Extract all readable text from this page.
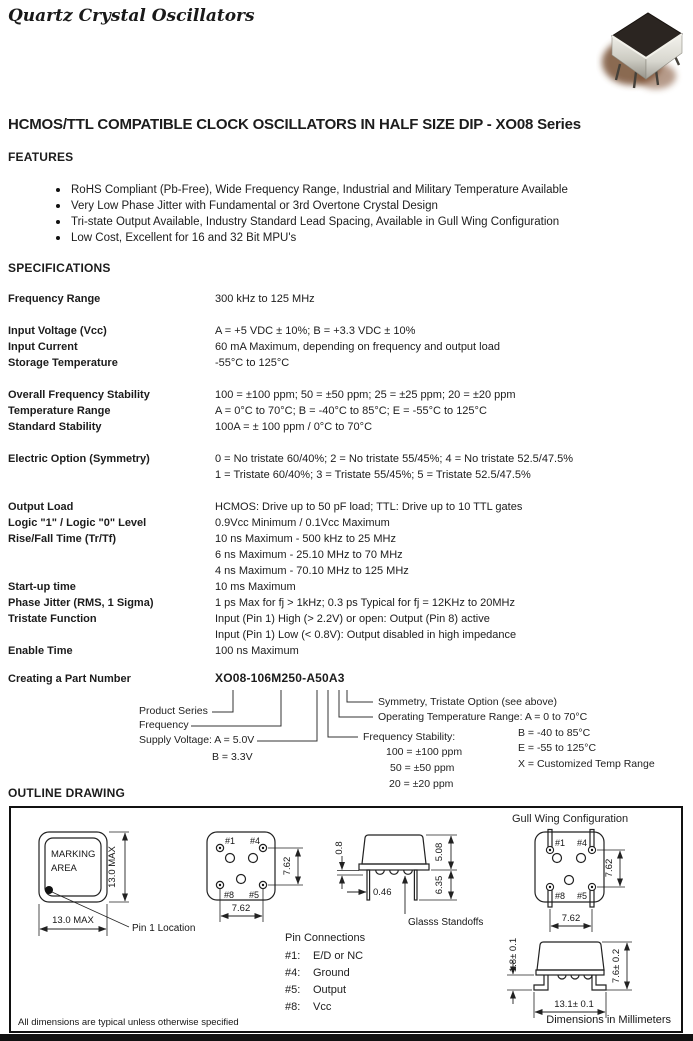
Quartz Crystal Oscillators
HCMOS/TTL COMPATIBLE CLOCK OSCILLATORS IN HALF SIZE DIP - XO08 Series
FEATURES
RoHS Compliant (Pb-Free), Wide Frequency Range, Industrial and Military Temperature Available
Very Low Phase Jitter with Fundamental or 3rd Overtone Crystal Design
Tri-state Output Available, Industry Standard Lead Spacing, Available in Gull Wing Configuration
Low Cost, Excellent for 16 and 32 Bit MPU's
SPECIFICATIONS
Frequency Range	300 kHz to 125 MHz
Input Voltage (Vcc)	A = +5 VDC ± 10%; B = +3.3 VDC ± 10%
Input Current	60 mA Maximum, depending on frequency and output load
Storage Temperature	-55°C to 125°C
Overall Frequency Stability	100 = ±100 ppm; 50 = ±50 ppm; 25 = ±25 ppm; 20 = ±20 ppm
Temperature Range	A = 0°C to 70°C; B = -40°C to 85°C; E = -55°C to 125°C
Standard Stability	100A = ± 100 ppm / 0°C to 70°C
Electric Option (Symmetry)	0 = No tristate 60/40%; 2 = No tristate 55/45%; 4 = No tristate 52.5/47.5%
1 = Tristate 60/40%; 3 = Tristate 55/45%; 5 = Tristate 52.5/47.5%
Output Load	HCMOS: Drive up to 50 pF load; TTL: Drive up to 10 TTL gates
Logic "1" / Logic "0" Level	0.9Vcc Minimum / 0.1Vcc Maximum
Rise/Fall Time (Tr/Tf)	10 ns Maximum - 500 kHz to 25 MHz
6 ns Maximum - 25.10 MHz to 70 MHz
4 ns Maximum - 70.10 MHz to 125 MHz
Start-up time	10 ms Maximum
Phase Jitter (RMS, 1 Sigma)	1 ps Max for fj > 1kHz; 0.3 ps Typical for fj = 12KHz to 20MHz
Tristate Function	Input (Pin 1) High (> 2.2V) or open: Output (Pin 8) active
Input (Pin 1) Low (< 0.8V): Output disabled in high impedance
Enable Time	100 ns Maximum
Creating a Part Number	XO08-106M250-A50A3
Product Series
Frequency
Supply Voltage: A = 5.0V
B = 3.3V
Symmetry, Tristate Option (see above)
Operating Temperature Range: A = 0 to 70°C
B = -40 to 85°C
E = -55 to 125°C
X = Customized Temp Range
Frequency Stability:
100 = ±100 ppm
50 = ±50 ppm
20 = ±20 ppm
OUTLINE DRAWING
Gull Wing Configuration
MARKING
AREA	13.0 MAX
13.0 MAX
Pin 1 Location
#1 #4
#8 #5
7.62
7.62
0.8	5.08
6.35
0.46
Glasss Standoffs
#1 #4
#8 #5
7.62
7.62
1.8± 0.1	7.6± 0.2
13.1± 0.1
Pin Connections
#1:	E/D or NC
#4:	Ground
#5:	Output
#8:	Vcc
All dimensions are typical unless otherwise specified	Dimensions in Millimeters
